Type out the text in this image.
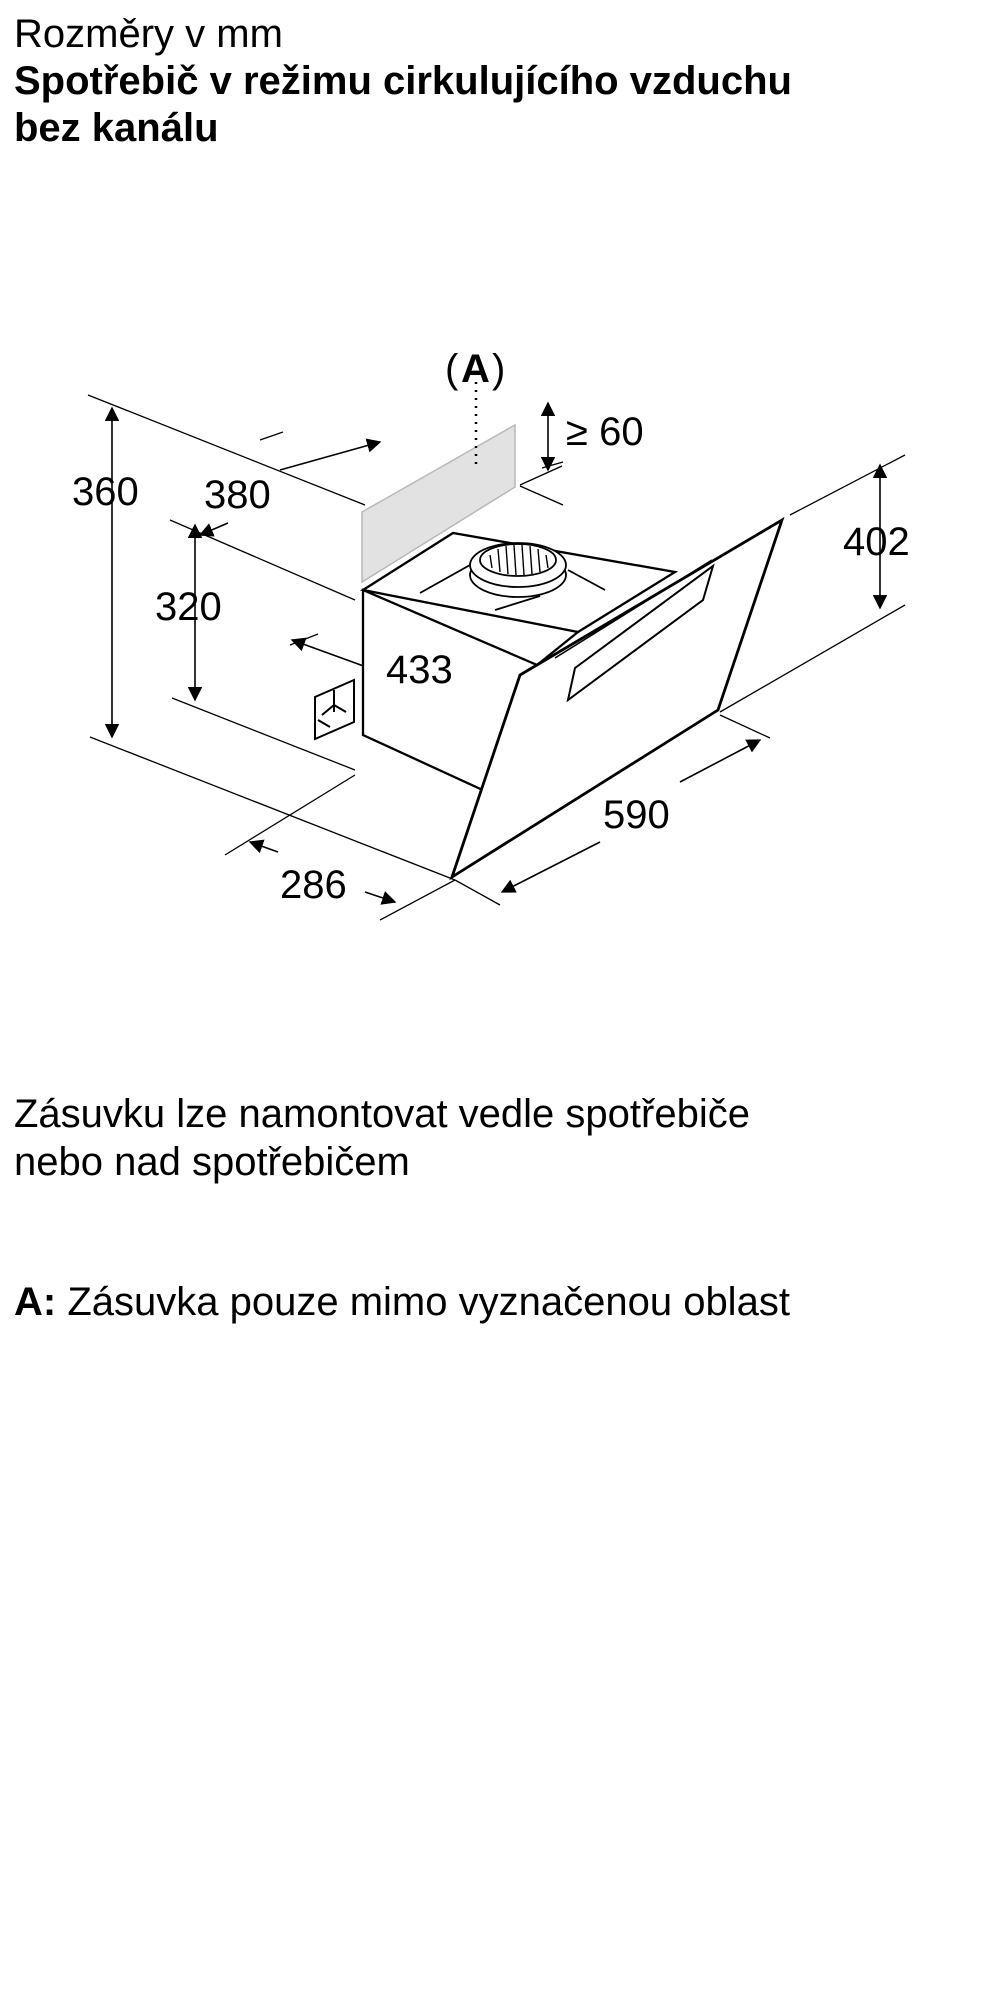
Rozměry v mm
Spotřebič v režimu cirkulujícího vzduchu
bez kanálu
( A )
≥ 60
360 380
320
433
402
590
286
Zásuvku lze namontovat vedle spotřebiče
nebo nad spotřebičem
A: Zásuvka pouze mimo vyznačenou oblast
